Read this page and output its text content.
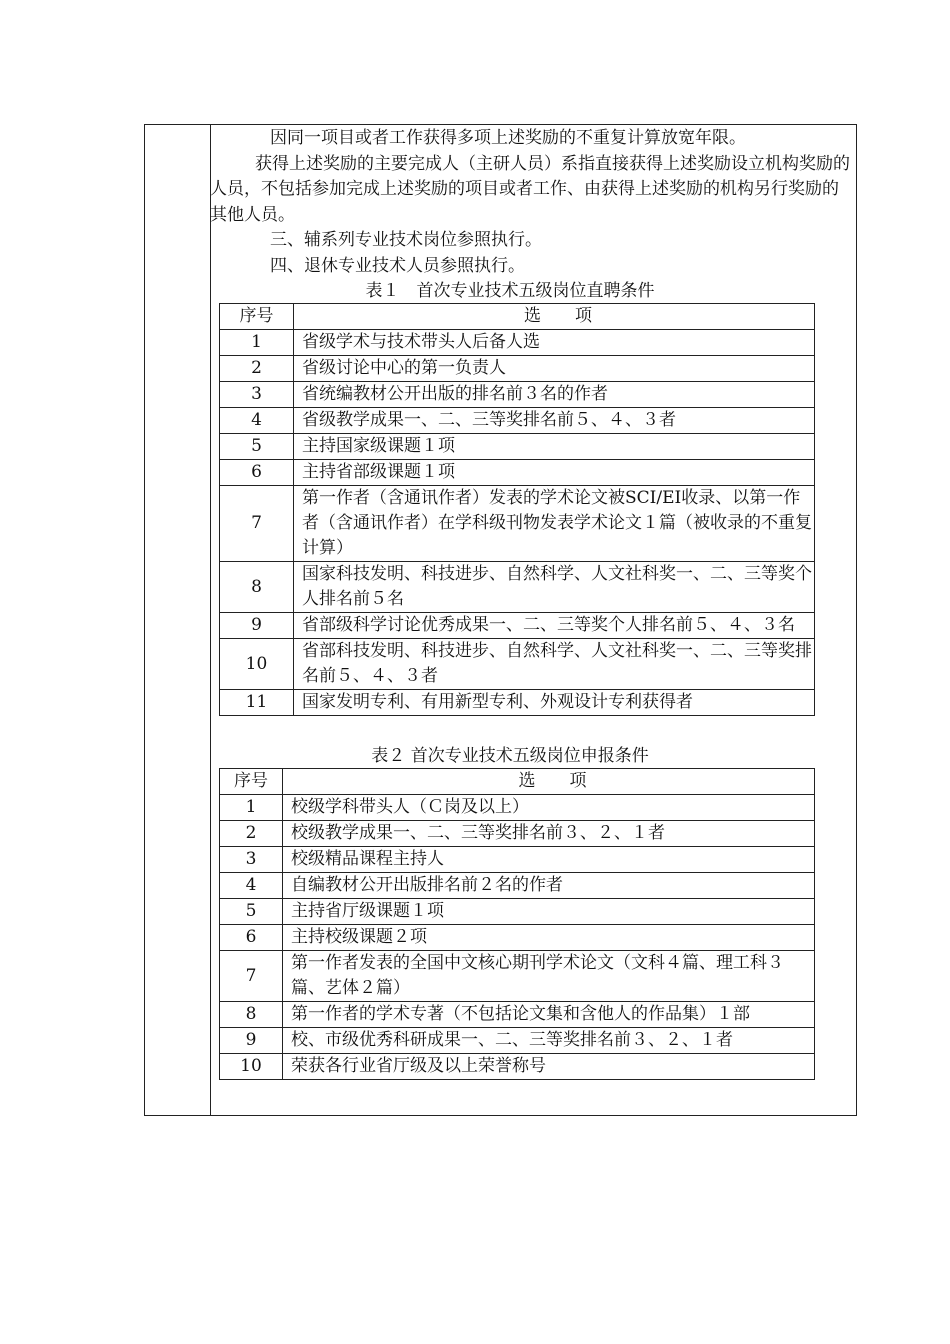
因同一项目或者工作获得多项上述奖励的不重复计算放宽年限。

获得上述奖励的主要完成人（主研人员）系指直接获得上述奖励设立机构奖励的人员，不包括参加完成上述奖励的项目或者工作、由获得上述奖励的机构另行奖励的其他人员。

三、辅系列专业技术岗位参照执行。

四、退休专业技术人员参照执行。

表１　首次专业技术五级岗位直聘条件

序号	选　　项
1	省级学术与技术带头人后备人选
2	省级讨论中心的第一负责人
3	省统编教材公开出版的排名前３名的作者
4	省级教学成果一、二、三等奖排名前５、４、３者
5	主持国家级课题１项
6	主持省部级课题１项
7	第一作者（含通讯作者）发表的学术论文被SCI/EI收录、以第一作者（含通讯作者）在学科级刊物发表学术论文１篇（被收录的不重复计算）
8	国家科技发明、科技进步、自然科学、人文社科奖一、二、三等奖个人排名前５名
9	省部级科学讨论优秀成果一、二、三等奖个人排名前５、４、３名
10	省部科技发明、科技进步、自然科学、人文社科奖一、二、三等奖排名前５、４、３者
11	国家发明专利、有用新型专利、外观设计专利获得者

表２ 首次专业技术五级岗位申报条件

序号	选　　项
1	校级学科带头人（Ｃ岗及以上）
2	校级教学成果一、二、三等奖排名前３、２、１者
3	校级精品课程主持人
4	自编教材公开出版排名前２名的作者
5	主持省厅级课题１项
6	主持校级课题２项
7	第一作者发表的全国中文核心期刊学术论文（文科４篇、理工科３篇、艺体２篇）
8	第一作者的学术专著（不包括论文集和含他人的作品集）１部
9	校、市级优秀科研成果一、二、三等奖排名前３、２、１者
10	荣获各行业省厅级及以上荣誉称号
